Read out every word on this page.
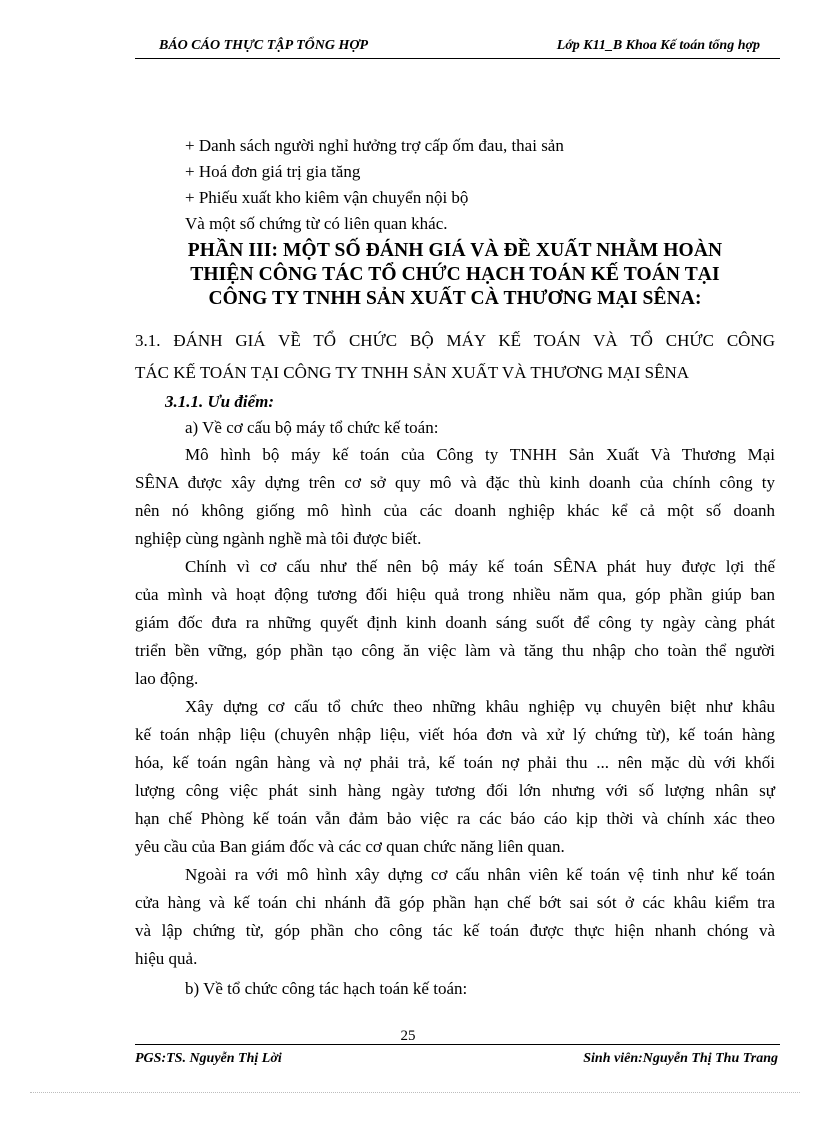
BÁO CÁO THỰC TẬP TỔNG HỢP	Lớp K11_B Khoa Kế toán tổng hợp
+ Danh sách người nghỉ hưởng trợ cấp ốm đau, thai sản
+ Hoá đơn giá trị gia tăng
+ Phiếu xuất kho kiêm vận chuyển nội bộ
Và một số chứng từ có liên quan khác.
PHẦN III: MỘT SỐ ĐÁNH GIÁ VÀ ĐỀ XUẤT NHẰM HOÀN
THIỆN CÔNG TÁC TỔ CHỨC HẠCH TOÁN KẾ TOÁN TẠI
CÔNG TY TNHH SẢN XUẤT CÀ THƯƠNG MẠI SÊNA:
3.1. ĐÁNH GIÁ VỀ TỔ CHỨC BỘ MÁY KẾ TOÁN VÀ TỔ CHỨC CÔNG
TÁC KẾ TOÁN TẠI CÔNG TY TNHH SẢN XUẤT VÀ THƯƠNG MẠI SÊNA
3.1.1. Ưu điểm:
a) Về cơ cấu bộ máy tổ chức kế toán:
Mô hình bộ máy kế toán của Công ty TNHH Sản Xuất Và Thương Mại
SÊNA được xây dựng trên cơ sở quy mô và đặc thù kinh doanh của chính công ty
nên nó không giống mô hình của các doanh nghiệp khác kể cả một số doanh
nghiệp cùng ngành nghề mà tôi được biết.
Chính vì cơ cấu như thế nên bộ máy kế toán SÊNA phát huy được lợi thế
của mình và hoạt động tương đối hiệu quả trong nhiều năm qua, góp phần giúp ban
giám đốc đưa ra những quyết định kinh doanh sáng suốt để công ty ngày càng phát
triển bền vững, góp phần tạo công ăn việc làm và tăng thu nhập cho toàn thể người
lao động.
Xây dựng cơ cấu tổ chức theo những khâu nghiệp vụ chuyên biệt như khâu
kế toán nhập liệu (chuyên nhập liệu, viết hóa đơn và xử lý chứng từ), kế toán hàng
hóa, kế toán ngân hàng và nợ phải trả, kế toán nợ phải thu ... nên mặc dù với khối
lượng công việc phát sinh hàng ngày tương đối lớn nhưng với số lượng nhân sự
hạn chế Phòng kế toán vẫn đảm bảo việc ra các báo cáo kịp thời và chính xác theo
yêu cầu của Ban giám đốc và các cơ quan chức năng liên quan.
Ngoài ra với mô hình xây dựng cơ cấu nhân viên kế toán vệ tinh như kế toán
cửa hàng và kế toán chi nhánh đã góp phần hạn chế bớt sai sót ở các khâu kiểm tra
và lập chứng từ, góp phần cho công tác kế toán được thực hiện nhanh chóng và
hiệu quả.
b) Về tổ chức công tác hạch toán kế toán:
25
PGS:TS. Nguyễn Thị Lời	Sinh viên:Nguyễn Thị Thu Trang
